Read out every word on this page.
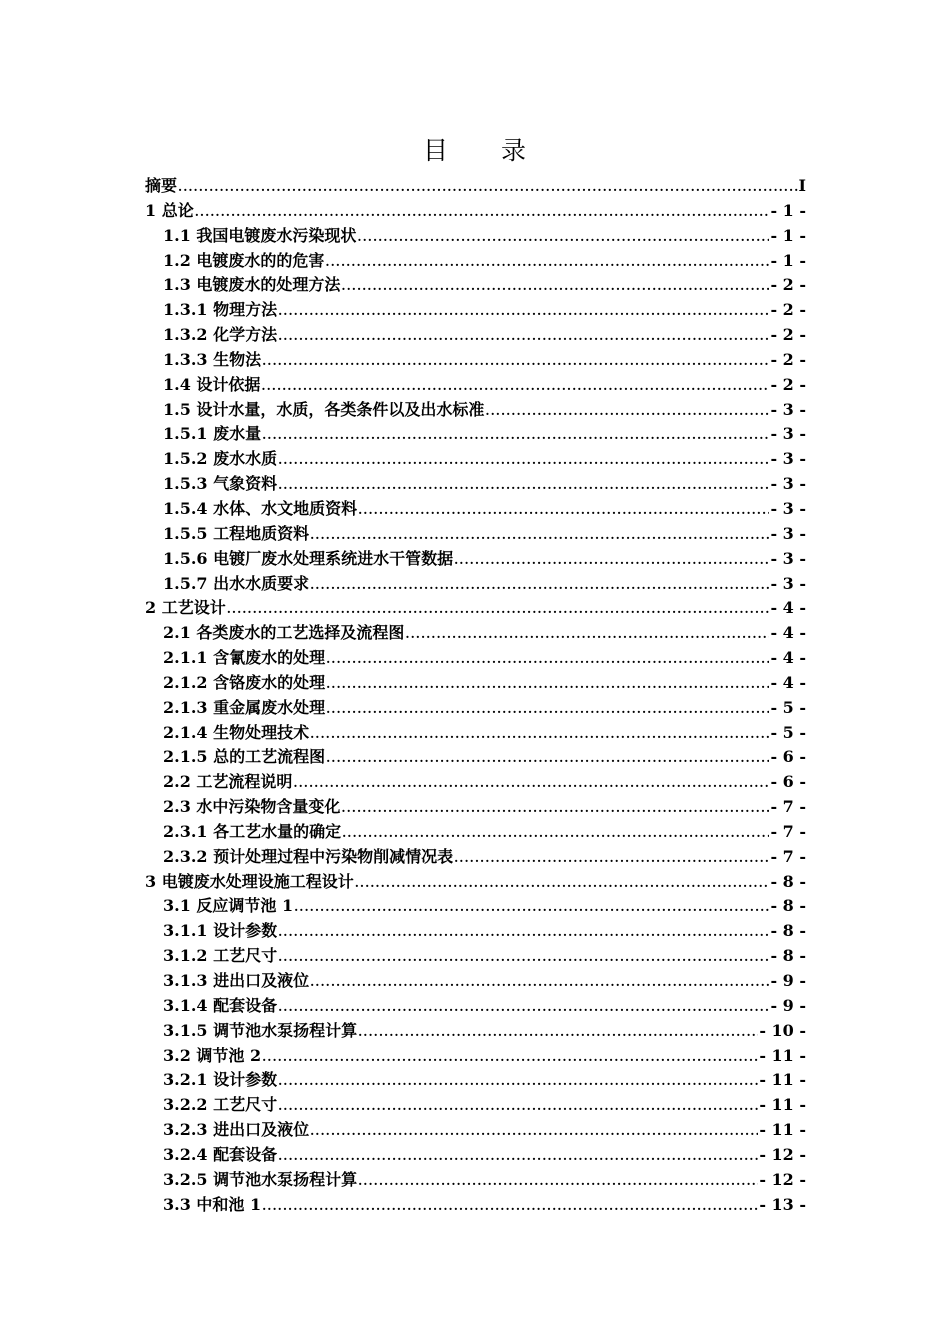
目　　录
摘要 .....	I
1 总论 .....	- 1 -
1.1 我国电镀废水污染现状 .....	- 1 -
1.2 电镀废水的的危害 .....	- 1 -
1.3 电镀废水的处理方法 .....	- 2 -
1.3.1 物理方法 .....	- 2 -
1.3.2 化学方法 .....	- 2 -
1.3.3 生物法 .....	- 2 -
1.4 设计依据 .....	- 2 -
1.5 设计水量，水质，各类条件以及出水标准 .....	- 3 -
1.5.1 废水量 .....	- 3 -
1.5.2 废水水质 .....	- 3 -
1.5.3 气象资料 .....	- 3 -
1.5.4 水体、水文地质资料 .....	- 3 -
1.5.5 工程地质资料 .....	- 3 -
1.5.6 电镀厂废水处理系统进水干管数据 .....	- 3 -
1.5.7 出水水质要求 .....	- 3 -
2 工艺设计 .....	- 4 -
2.1 各类废水的工艺选择及流程图 .....	- 4 -
2.1.1 含氰废水的处理 .....	- 4 -
2.1.2 含铬废水的处理 .....	- 4 -
2.1.3 重金属废水处理 .....	- 5 -
2.1.4 生物处理技术 .....	- 5 -
2.1.5 总的工艺流程图 .....	- 6 -
2.2 工艺流程说明 .....	- 6 -
2.3 水中污染物含量变化 .....	- 7 -
2.3.1 各工艺水量的确定 .....	- 7 -
2.3.2 预计处理过程中污染物削减情况表 .....	- 7 -
3 电镀废水处理设施工程设计 .....	- 8 -
3.1 反应调节池 1 .....	- 8 -
3.1.1 设计参数 .....	- 8 -
3.1.2 工艺尺寸 .....	- 8 -
3.1.3 进出口及液位 .....	- 9 -
3.1.4 配套设备 .....	- 9 -
3.1.5 调节池水泵扬程计算 .....	- 10 -
3.2 调节池 2 .....	- 11 -
3.2.1 设计参数 .....	- 11 -
3.2.2 工艺尺寸 .....	- 11 -
3.2.3 进出口及液位 .....	- 11 -
3.2.4 配套设备 .....	- 12 -
3.2.5 调节池水泵扬程计算 .....	- 12 -
3.3 中和池 1 .....	- 13 -
